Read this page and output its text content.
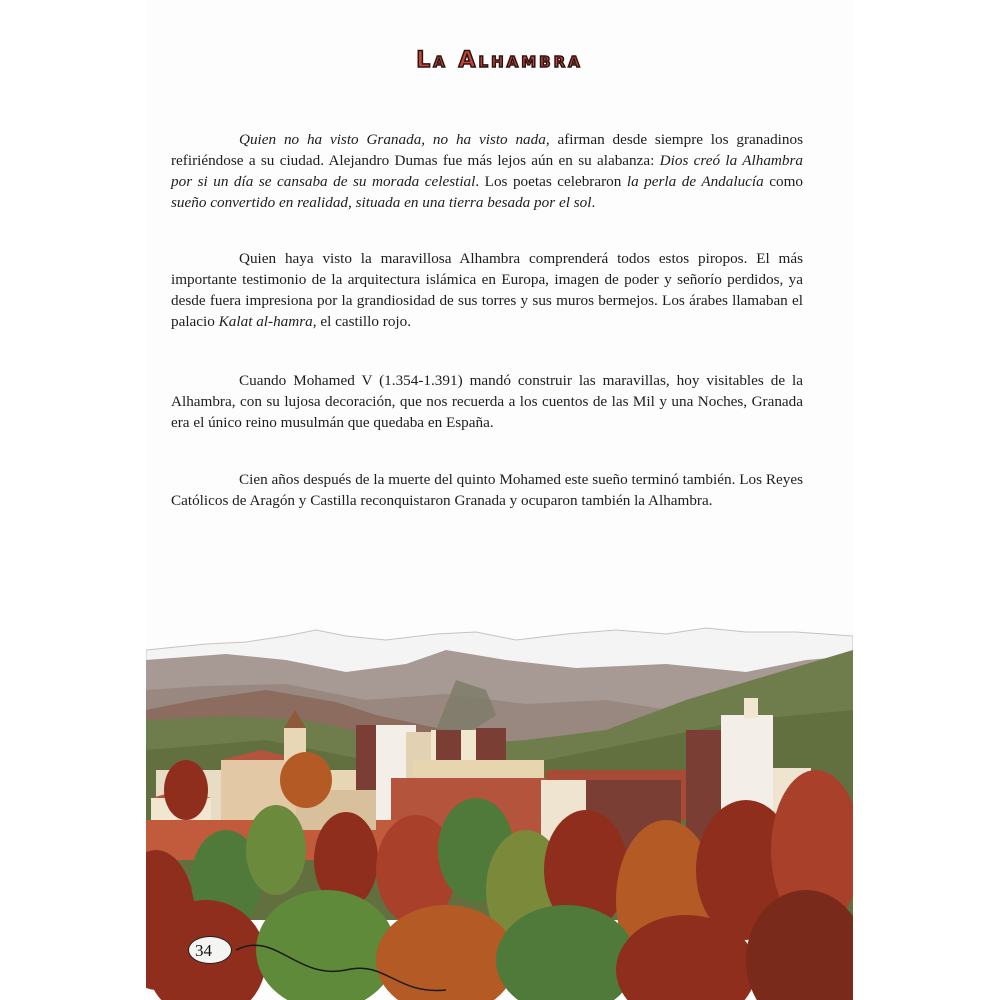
La Alhambra

Quien no ha visto Granada, no ha visto nada, afirman desde siempre los granadinos refiriéndose a su ciudad. Alejandro Dumas fue más lejos aún en su alabanza: Dios creó la Alhambra por si un día se cansaba de su morada celestial. Los poetas celebraron la perla de Andalucía como sueño convertido en realidad, situada en una tierra besada por el sol.

Quien haya visto la maravillosa Alhambra comprenderá todos estos piropos. El más importante testimonio de la arquitectura islámica en Europa, imagen de poder y señorío perdidos, ya desde fuera impresiona por la grandiosidad de sus torres y sus muros bermejos. Los árabes llamaban el palacio Kalat al-hamra, el castillo rojo.

Cuando Mohamed V (1.354-1.391) mandó construir las maravillas, hoy visitables de la Alhambra, con su lujosa decoración, que nos recuerda a los cuentos de las Mil y una Noches, Granada era el único reino musulmán que quedaba en España.

Cien años después de la muerte del quinto Mohamed este sueño terminó también. Los Reyes Católicos de Aragón y Castilla reconquistaron Granada y ocuparon también la Alhambra.

34
